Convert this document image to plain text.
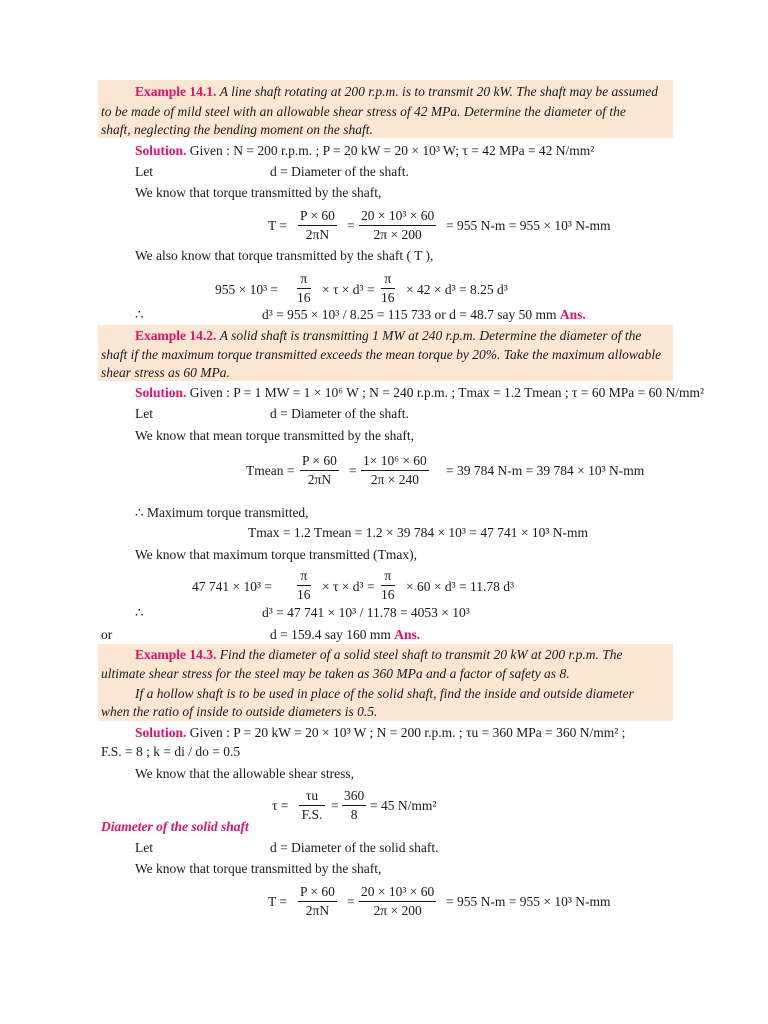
Example 14.1. A line shaft rotating at 200 r.p.m. is to transmit 20 kW. The shaft may be assumed
to be made of mild steel with an allowable shear stress of 42 MPa. Determine the diameter of the
shaft, neglecting the bending moment on the shaft.
Solution. Given : N = 200 r.p.m. ; P = 20 kW = 20 × 10³ W; τ = 42 MPa = 42 N/mm²
Let	d = Diameter of the shaft.
We know that torque transmitted by the shaft,
$T = \frac{P \times 60}{2\pi N} = \frac{\text{20 × 10³ × 60}}{2\pi \times 200} = 955$ N-m = 955 × 10³ N-mm
We also know that torque transmitted by the shaft ( T ),
$955 \times 10^3 = \frac{\pi}{16} \times \tau \times d^3 = \frac{\pi}{16} \times 42 \times d^3 = 8.25$ d³
∴	d³ = 955 × 10³ / 8.25 = 115 733 or d = 48.7 say 50 mm Ans.
Example 14.2. A solid shaft is transmitting 1 MW at 240 r.p.m. Determine the diameter of the
shaft if the maximum torque transmitted exceeds the mean torque by 20%. Take the maximum allowable
shear stress as 60 MPa.
Solution. Given : P = 1 MW = 1 × 10⁶ W ; N = 240 r.p.m. ; Tmax = 1.2 Tmean ; τ = 60 MPa = 60 N/mm²
Let	d = Diameter of the shaft.
We know that mean torque transmitted by the shaft,
Tmean = $\frac{P \times 60}{2\pi N} = \frac{\text{1× 10⁶ × 60}}{2\pi \times 240} = 39$ 784 N-m = 39 784 × 10³ N-mm
∴ Maximum torque transmitted,
Tmax = 1.2 Tmean = 1.2 × 39 784 × 10³ = 47 741 × 10³ N-mm
We know that maximum torque transmitted (Tmax),
47 $741 \times 10^3 = \frac{\pi}{16} \times \tau \times d^3 = \frac{\pi}{16} \times 60 \times d^3 = 11.78$ d³
∴	d³ = 47 741 × 10³ / 11.78 = 4053 × 10³
or	d = 159.4 say 160 mm Ans.
Example 14.3. Find the diameter of a solid steel shaft to transmit 20 kW at 200 r.p.m. The
ultimate shear stress for the steel may be taken as 360 MPa and a factor of safety as 8.
If a hollow shaft is to be used in place of the solid shaft, find the inside and outside diameter
when the ratio of inside to outside diameters is 0.5.
Solution. Given : P = 20 kW = 20 × 10³ W ; N = 200 r.p.m. ; τu = 360 MPa = 360 N/mm² ;
F.S. = 8 ; k = di / do = 0.5
We know that the allowable shear stress,
$\tau = \frac{\tau u}{F.S.} = \frac{360}{8} = 45$ N/mm²
Diameter of the solid shaft
Let	d = Diameter of the solid shaft.
We know that torque transmitted by the shaft,
$T = \frac{P \times 60}{2\pi N} = \frac{\text{20 × 10³ × 60}}{2\pi \times 200} = 955$ N-m = 955 × 10³ N-mm
